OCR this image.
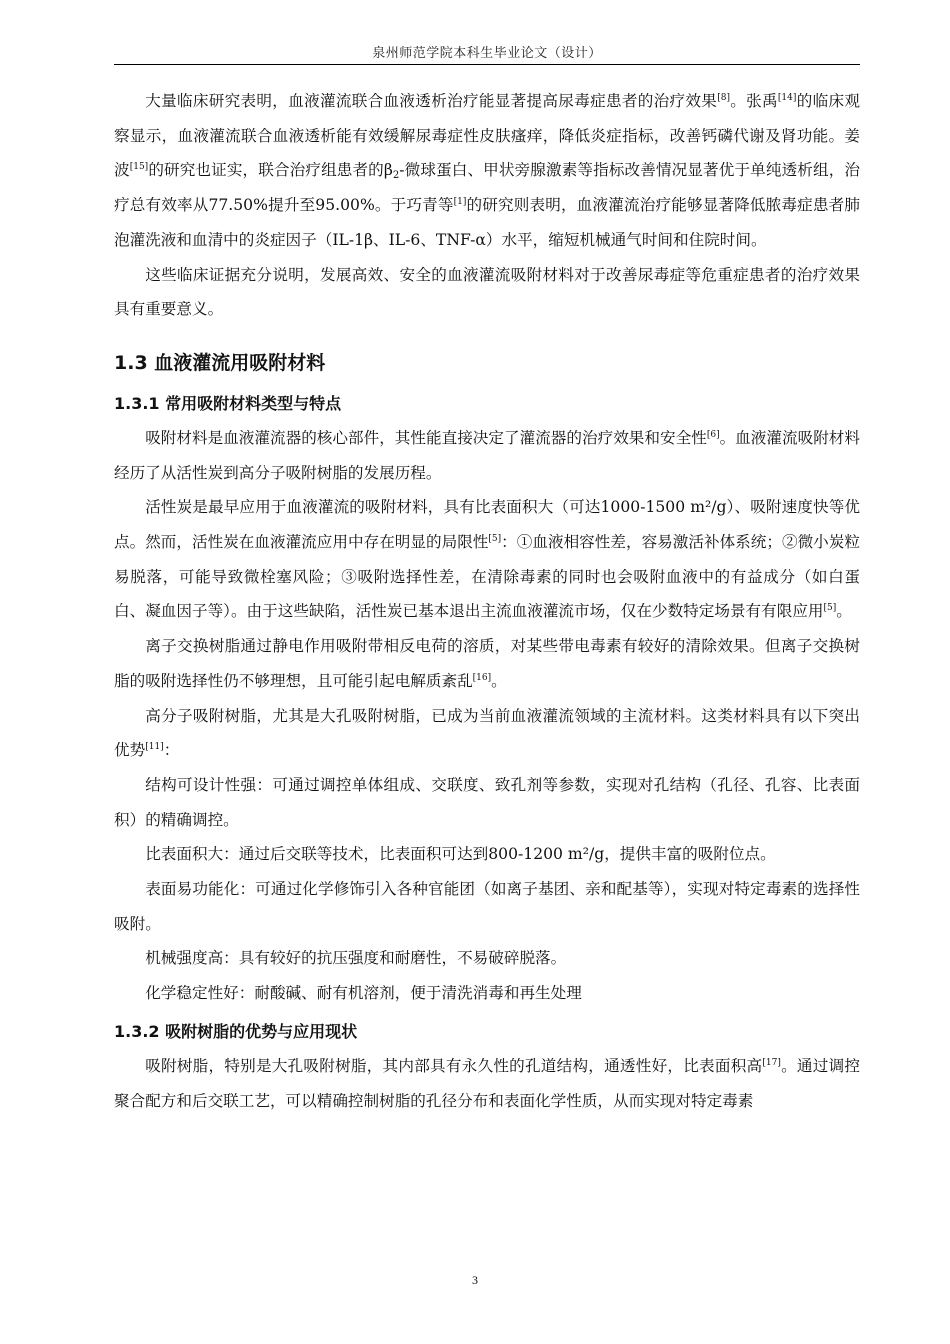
泉州师范学院本科生毕业论文（设计）

大量临床研究表明，血液灌流联合血液透析治疗能显著提高尿毒症患者的治疗效果[8]。张禹[14]的临床观察显示，血液灌流联合血液透析能有效缓解尿毒症性皮肤瘙痒，降低炎症指标，改善钙磷代谢及肾功能。姜波[15]的研究也证实，联合治疗组患者的$\beta_2-$微球蛋白、甲状旁腺激素等指标改善情况显著优于单纯透析组，治疗总有效率从77.50%提升至95.00%。于巧青等[1]的研究则表明，血液灌流治疗能够显著降低脓毒症患者肺泡灌洗液和血清中的炎症因子（IL-1β、IL-6、TNF-α）水平，缩短机械通气时间和住院时间。

这些临床证据充分说明，发展高效、安全的血液灌流吸附材料对于改善尿毒症等危重症患者的治疗效果具有重要意义。

1.3 血液灌流用吸附材料
1.3.1 常用吸附材料类型与特点

吸附材料是血液灌流器的核心部件，其性能直接决定了灌流器的治疗效果和安全性[6]。血液灌流吸附材料经历了从活性炭到高分子吸附树脂的发展历程。

活性炭是最早应用于血液灌流的吸附材料，具有比表面积大（可达1000-1500 m²/g）、吸附速度快等优点。然而，活性炭在血液灌流应用中存在明显的局限性[5]：①血液相容性差，容易激活补体系统；②微小炭粒易脱落，可能导致微栓塞风险；③吸附选择性差，在清除毒素的同时也会吸附血液中的有益成分（如白蛋白、凝血因子等）。由于这些缺陷，活性炭已基本退出主流血液灌流市场，仅在少数特定场景有有限应用[5]。

离子交换树脂通过静电作用吸附带相反电荷的溶质，对某些带电毒素有较好的清除效果。但离子交换树脂的吸附选择性仍不够理想，且可能引起电解质紊乱[16]。

高分子吸附树脂，尤其是大孔吸附树脂，已成为当前血液灌流领域的主流材料。这类材料具有以下突出优势[11]：

结构可设计性强：可通过调控单体组成、交联度、致孔剂等参数，实现对孔结构（孔径、孔容、比表面积）的精确调控。

比表面积大：通过后交联等技术，比表面积可达到800-1200 m²/g，提供丰富的吸附位点。

表面易功能化：可通过化学修饰引入各种官能团（如离子基团、亲和配基等），实现对特定毒素的选择性吸附。

机械强度高：具有较好的抗压强度和耐磨性，不易破碎脱落。

化学稳定性好：耐酸碱、耐有机溶剂，便于清洗消毒和再生处理

1.3.2 吸附树脂的优势与应用现状

吸附树脂，特别是大孔吸附树脂，其内部具有永久性的孔道结构，通透性好，比表面积高[17]。通过调控聚合配方和后交联工艺，可以精确控制树脂的孔径分布和表面化学性质，从而实现对特定毒素

3
